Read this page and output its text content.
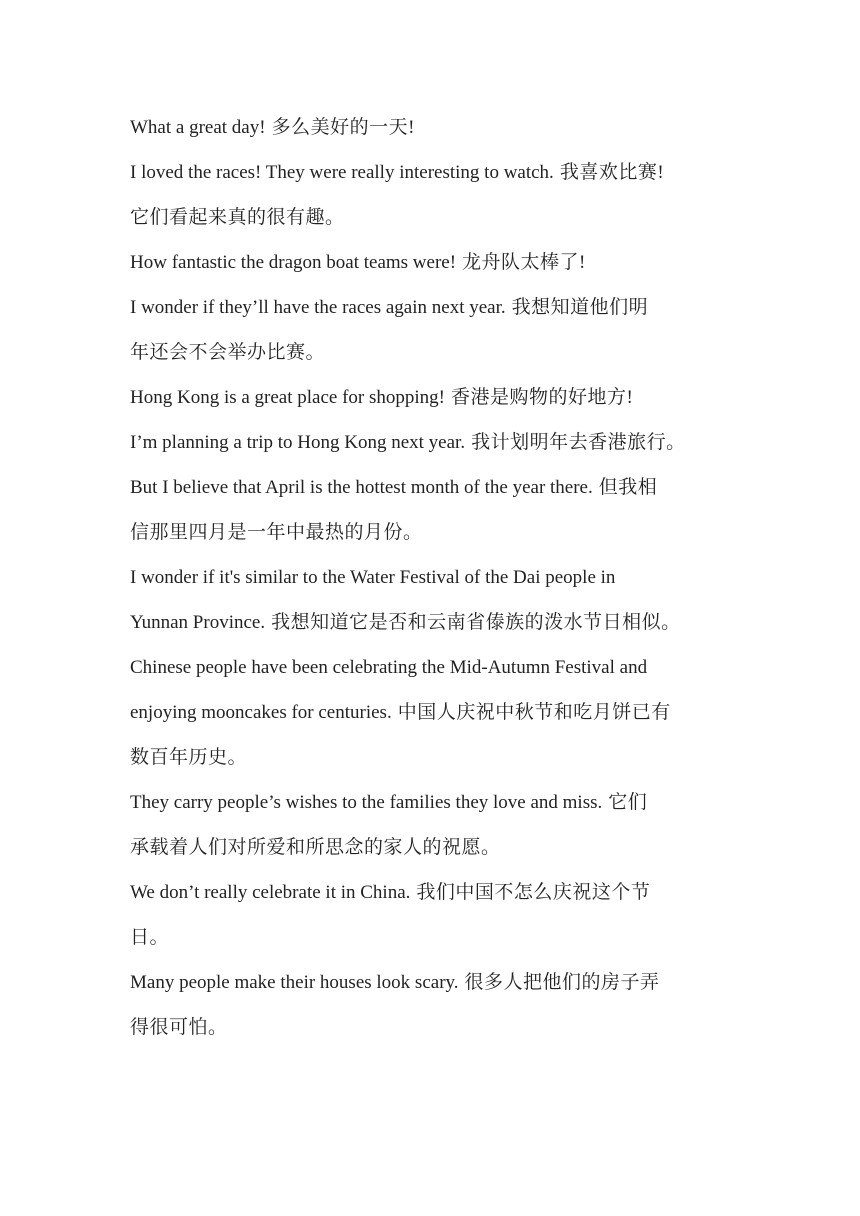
What a great day! 多么美好的一天!
I loved the races! They were really interesting to watch. 我喜欢比赛!
它们看起来真的很有趣。
How fantastic the dragon boat teams were! 龙舟队太棒了!
I wonder if they’ll have the races again next year. 我想知道他们明
年还会不会举办比赛。
Hong Kong is a great place for shopping! 香港是购物的好地方!
I’m planning a trip to Hong Kong next year. 我计划明年去香港旅行。
But I believe that April is the hottest month of the year there. 但我相
信那里四月是一年中最热的月份。
I wonder if it's similar to the Water Festival of the Dai people in
Yunnan Province. 我想知道它是否和云南省傣族的泼水节日相似。
Chinese people have been celebrating the Mid-Autumn Festival and
enjoying mooncakes for centuries. 中国人庆祝中秋节和吃月饼已有
数百年历史。
They carry people’s wishes to the families they love and miss. 它们
承载着人们对所爱和所思念的家人的祝愿。
We don’t really celebrate it in China. 我们中国不怎么庆祝这个节
日。
Many people make their houses look scary. 很多人把他们的房子弄
得很可怕。
